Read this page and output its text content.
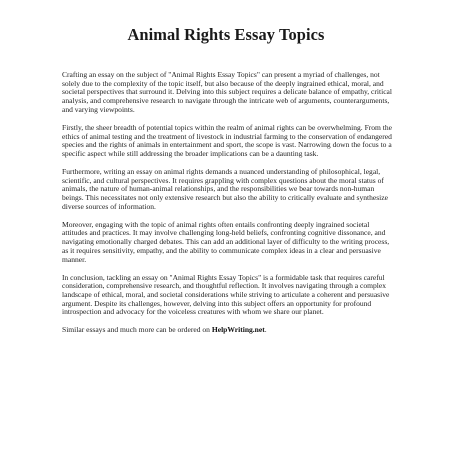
Animal Rights Essay Topics

Crafting an essay on the subject of "Animal Rights Essay Topics" can present a myriad of challenges, not solely due to the complexity of the topic itself, but also because of the deeply ingrained ethical, moral, and societal perspectives that surround it. Delving into this subject requires a delicate balance of empathy, critical analysis, and comprehensive research to navigate through the intricate web of arguments, counterarguments, and varying viewpoints.

Firstly, the sheer breadth of potential topics within the realm of animal rights can be overwhelming. From the ethics of animal testing and the treatment of livestock in industrial farming to the conservation of endangered species and the rights of animals in entertainment and sport, the scope is vast. Narrowing down the focus to a specific aspect while still addressing the broader implications can be a daunting task.

Furthermore, writing an essay on animal rights demands a nuanced understanding of philosophical, legal, scientific, and cultural perspectives. It requires grappling with complex questions about the moral status of animals, the nature of human-animal relationships, and the responsibilities we bear towards non-human beings. This necessitates not only extensive research but also the ability to critically evaluate and synthesize diverse sources of information.

Moreover, engaging with the topic of animal rights often entails confronting deeply ingrained societal attitudes and practices. It may involve challenging long-held beliefs, confronting cognitive dissonance, and navigating emotionally charged debates. This can add an additional layer of difficulty to the writing process, as it requires sensitivity, empathy, and the ability to communicate complex ideas in a clear and persuasive manner.

In conclusion, tackling an essay on "Animal Rights Essay Topics" is a formidable task that requires careful consideration, comprehensive research, and thoughtful reflection. It involves navigating through a complex landscape of ethical, moral, and societal considerations while striving to articulate a coherent and persuasive argument. Despite its challenges, however, delving into this subject offers an opportunity for profound introspection and advocacy for the voiceless creatures with whom we share our planet.

Similar essays and much more can be ordered on HelpWriting.net.
